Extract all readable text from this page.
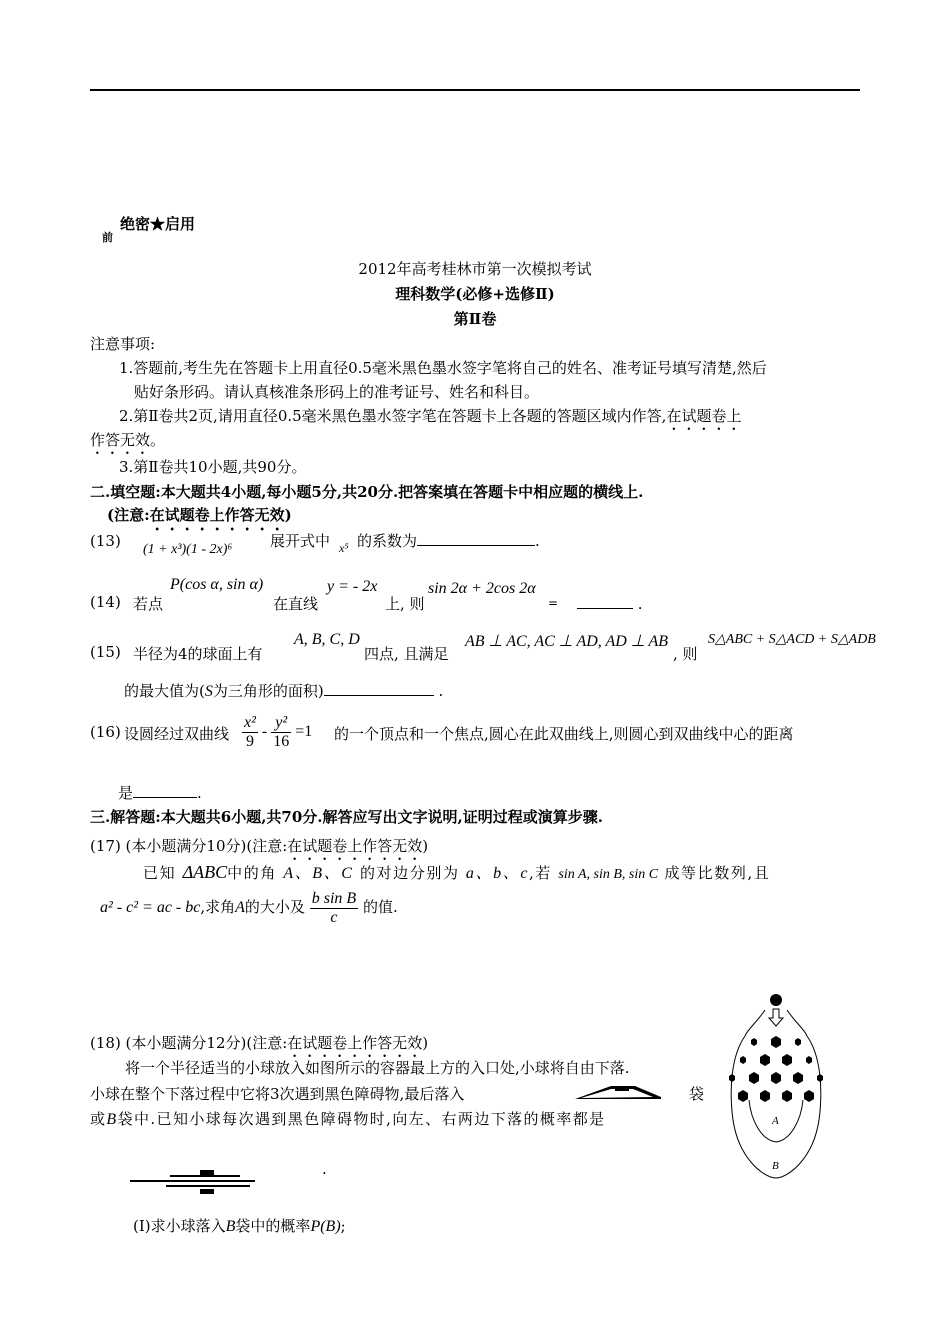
绝密★启用
前
2012年高考桂林市第一次模拟考试
理科数学(必修+选修Ⅱ)
第Ⅱ卷
注意事项:
1.答题前,考生先在答题卡上用直径0.5毫米黑色墨水签字笔将自己的姓名、准考证号填写清楚,然后
贴好条形码。请认真核准条形码上的准考证号、姓名和科目。
2.第Ⅱ卷共2页,请用直径0.5毫米黑色墨水签字笔在答题卡上各题的答题区域内作答,在试题卷上
作答无效。
3.第Ⅱ卷共10小题,共90分。
二.填空题:本大题共4小题,每小题5分,共20分.把答案填在答题卡中相应题的横线上.
(注意:在试题卷上作答无效)
(13) (1 + x³)(1 - 2x)⁶	展开式中 x⁵ 的系数为	.
(14) 若点
P(cos α, sin α)
在直线
y = - 2x
上, 则
sin 2α + 2cos 2α
=	.
(15) 半径为4的球面上有
A, B, C, D
四点, 且满足
AB ⊥ AC, AC ⊥ AD, AD ⊥ AB
, 则
S△ABC + S△ACD + S△ADB
的最大值为(S为三角形的面积)	.
(16) 设圆经过双曲线 $\frac{\text{x²}}{9} - \frac{\text{y²}}{16} =1$ 的一个顶点和一个焦点,圆心在此双曲线上,则圆心到双曲线中心的距离
是	.
三.解答题:本大题共6小题,共70分.解答应写出文字说明,证明过程或演算步骤.
(17) (本小题满分10分)(注意:在试题卷上作答无效)
已知 ΔABC中的角 A、B、C 的对边分别为 a、b、c,若 sin A, sin B, sin C 成等比数列,且
a² - c² = ac - bc,求角A的大小及 $\frac{\text{b sin B}}{c}$ 的值.
(18) (本小题满分12分)(注意:在试题卷上作答无效)
将一个半径适当的小球放入如图所示的容器最上方的入口处,小球将自由下落.
小球在整个下落过程中它将3次遇到黑色障碍物,最后落入	袋
或B袋中.已知小球每次遇到黑色障碍物时,向左、右两边下落的概率都是
.
(Ⅰ)求小球落入B袋中的概率P(B);
A
B
